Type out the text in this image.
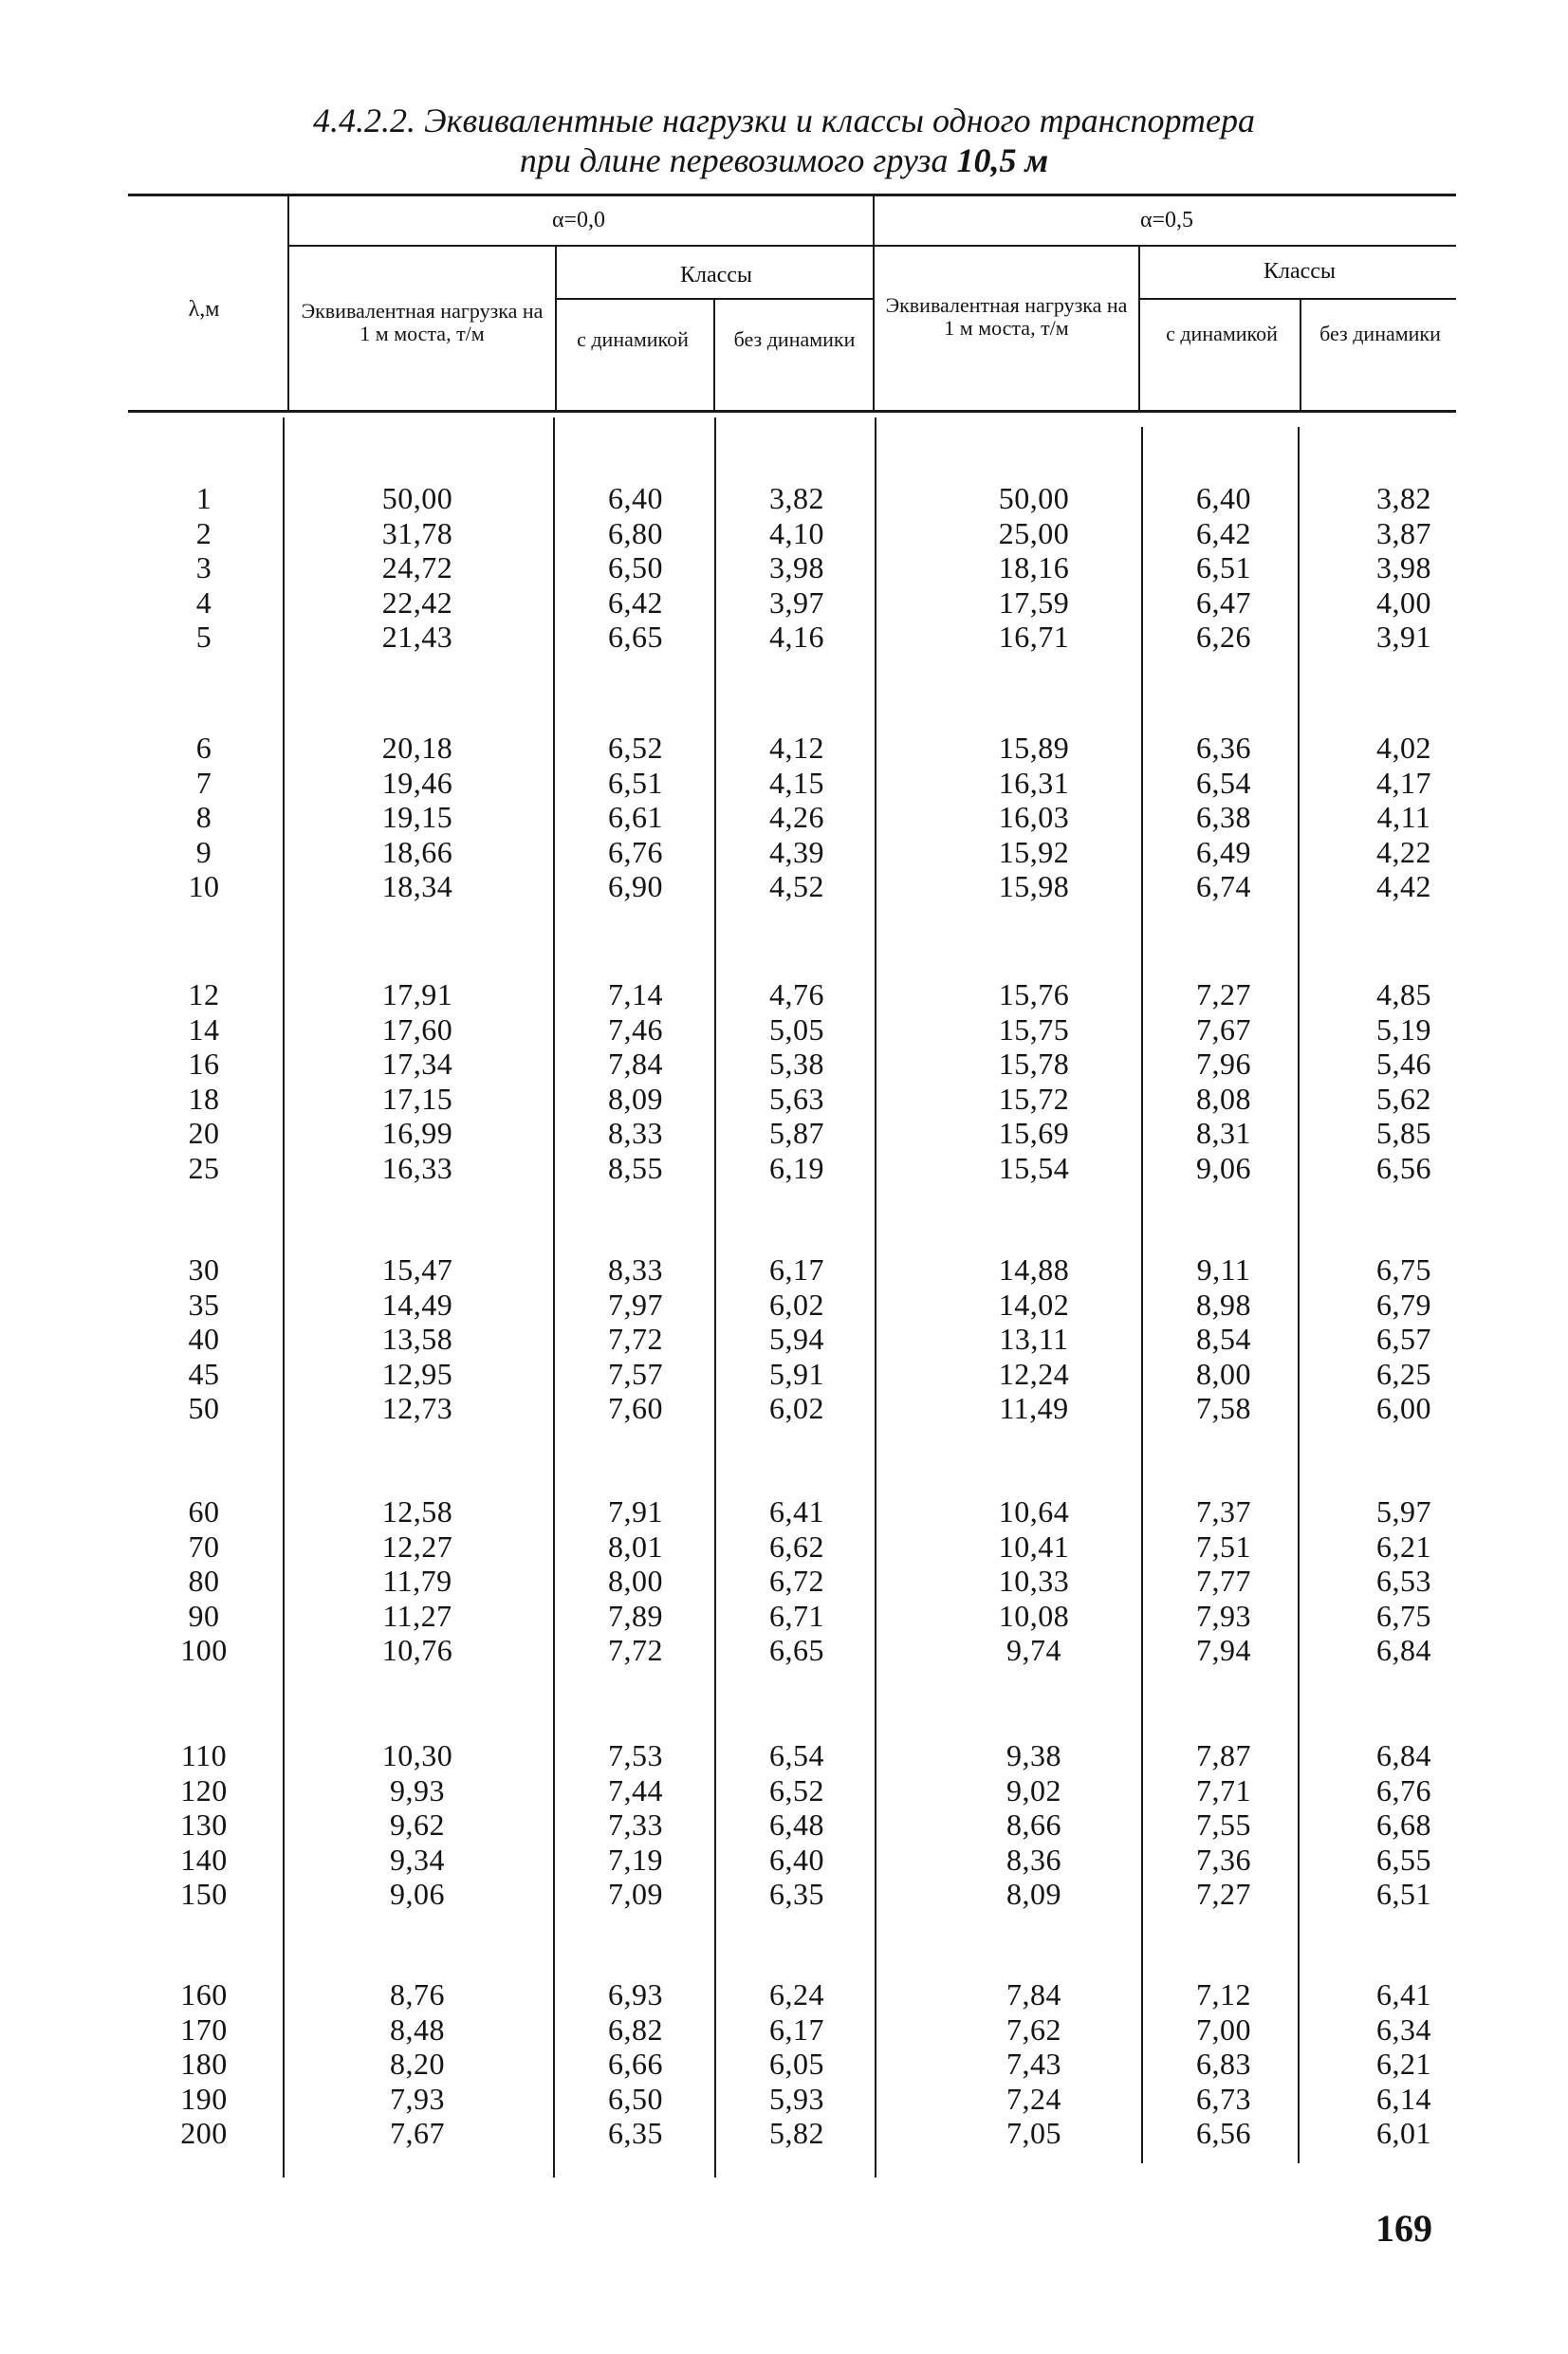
4.4.2.2. Эквивалентные нагрузки и классы одного транспортера
при длине перевозимого груза 10,5 м
λ,м
α=0,0	α=0,5
Классы	Классы
Эквивалентная нагрузка на 1 м моста, т/м
Эквивалентная нагрузка на 1 м моста, т/м
с динамикой	без динамики	с динамикой	без динамики
1	50,00	6,40	3,82	50,00	6,40	3,82
2	31,78	6,80	4,10	25,00	6,42	3,87
3	24,72	6,50	3,98	18,16	6,51	3,98
4	22,42	6,42	3,97	17,59	6,47	4,00
5	21,43	6,65	4,16	16,71	6,26	3,91
6	20,18	6,52	4,12	15,89	6,36	4,02
7	19,46	6,51	4,15	16,31	6,54	4,17
8	19,15	6,61	4,26	16,03	6,38	4,11
9	18,66	6,76	4,39	15,92	6,49	4,22
10	18,34	6,90	4,52	15,98	6,74	4,42
12	17,91	7,14	4,76	15,76	7,27	4,85
14	17,60	7,46	5,05	15,75	7,67	5,19
16	17,34	7,84	5,38	15,78	7,96	5,46
18	17,15	8,09	5,63	15,72	8,08	5,62
20	16,99	8,33	5,87	15,69	8,31	5,85
25	16,33	8,55	6,19	15,54	9,06	6,56
30	15,47	8,33	6,17	14,88	9,11	6,75
35	14,49	7,97	6,02	14,02	8,98	6,79
40	13,58	7,72	5,94	13,11	8,54	6,57
45	12,95	7,57	5,91	12,24	8,00	6,25
50	12,73	7,60	6,02	11,49	7,58	6,00
60	12,58	7,91	6,41	10,64	7,37	5,97
70	12,27	8,01	6,62	10,41	7,51	6,21
80	11,79	8,00	6,72	10,33	7,77	6,53
90	11,27	7,89	6,71	10,08	7,93	6,75
100	10,76	7,72	6,65	9,74	7,94	6,84
110	10,30	7,53	6,54	9,38	7,87	6,84
120	9,93	7,44	6,52	9,02	7,71	6,76
130	9,62	7,33	6,48	8,66	7,55	6,68
140	9,34	7,19	6,40	8,36	7,36	6,55
150	9,06	7,09	6,35	8,09	7,27	6,51
160	8,76	6,93	6,24	7,84	7,12	6,41
170	8,48	6,82	6,17	7,62	7,00	6,34
180	8,20	6,66	6,05	7,43	6,83	6,21
190	7,93	6,50	5,93	7,24	6,73	6,14
200	7,67	6,35	5,82	7,05	6,56	6,01
169
